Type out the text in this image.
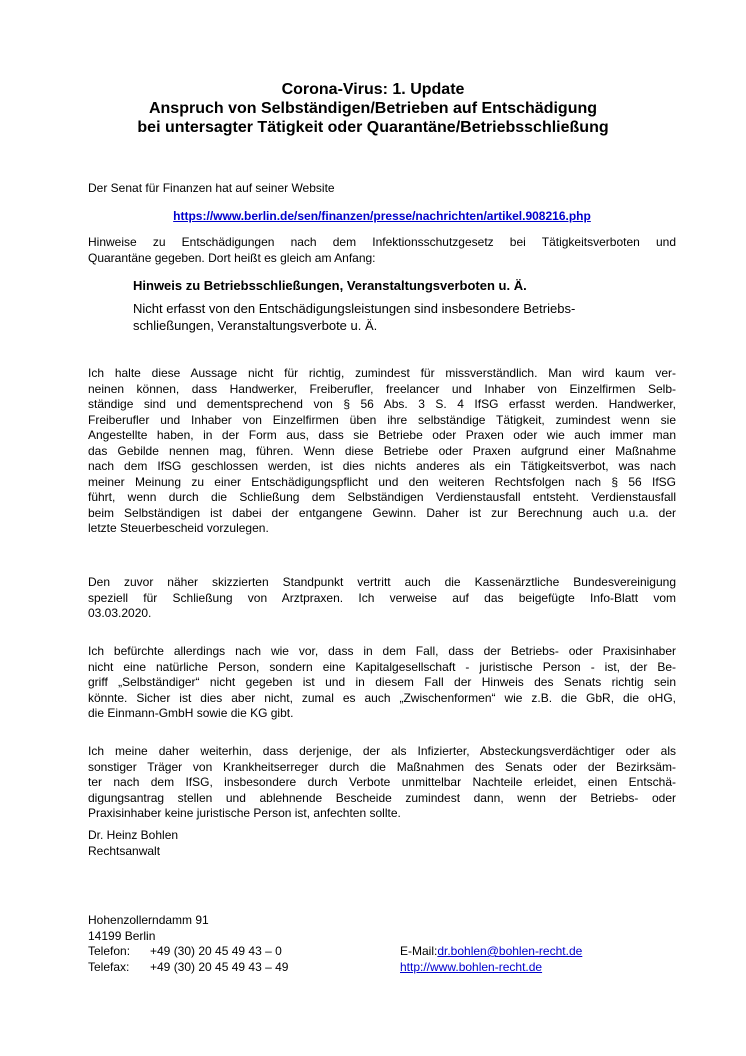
Corona-Virus: 1. Update
Anspruch von Selbständigen/Betrieben auf Entschädigung
bei untersagter Tätigkeit oder Quarantäne/Betriebsschließung
Der Senat für Finanzen hat auf seiner Website
https://www.berlin.de/sen/finanzen/presse/nachrichten/artikel.908216.php
Hinweise zu Entschädigungen nach dem Infektionsschutzgesetz bei Tätigkeitsverboten und
Quarantäne gegeben. Dort heißt es gleich am Anfang:
Hinweis zu Betriebsschließungen, Veranstaltungsverboten u. Ä.
Nicht erfasst von den Entschädigungsleistungen sind insbesondere Betriebs-
schließungen, Veranstaltungsverbote u. Ä.
Ich halte diese Aussage nicht für richtig, zumindest für missverständlich. Man wird kaum ver-
neinen können, dass Handwerker, Freiberufler, freelancer und Inhaber von Einzelfirmen Selb-
ständige sind und dementsprechend von § 56 Abs. 3 S. 4 IfSG erfasst werden. Handwerker,
Freiberufler und Inhaber von Einzelfirmen üben ihre selbständige Tätigkeit, zumindest wenn sie
Angestellte haben, in der Form aus, dass sie Betriebe oder Praxen oder wie auch immer man
das Gebilde nennen mag, führen. Wenn diese Betriebe oder Praxen aufgrund einer Maßnahme
nach dem IfSG geschlossen werden, ist dies nichts anderes als ein Tätigkeitsverbot, was nach
meiner Meinung zu einer Entschädigungspflicht und den weiteren Rechtsfolgen nach § 56 IfSG
führt, wenn durch die Schließung dem Selbständigen Verdienstausfall entsteht. Verdienstausfall
beim Selbständigen ist dabei der entgangene Gewinn. Daher ist zur Berechnung auch u.a. der
letzte Steuerbescheid vorzulegen.
Den zuvor näher skizzierten Standpunkt vertritt auch die Kassenärztliche Bundesvereinigung
speziell für Schließung von Arztpraxen. Ich verweise auf das beigefügte Info-Blatt vom
03.03.2020.
Ich befürchte allerdings nach wie vor, dass in dem Fall, dass der Betriebs- oder Praxisinhaber
nicht eine natürliche Person, sondern eine Kapitalgesellschaft - juristische Person - ist, der Be-
griff „Selbständiger“ nicht gegeben ist und in diesem Fall der Hinweis des Senats richtig sein
könnte. Sicher ist dies aber nicht, zumal es auch „Zwischenformen“ wie z.B. die GbR, die oHG,
die Einmann-GmbH sowie die KG gibt.
Ich meine daher weiterhin, dass derjenige, der als Infizierter, Absteckungsverdächtiger oder als
sonstiger Träger von Krankheitserreger durch die Maßnahmen des Senats oder der Bezirksäm-
ter nach dem IfSG, insbesondere durch Verbote unmittelbar Nachteile erleidet, einen Entschä-
digungsantrag stellen und ablehnende Bescheide zumindest dann, wenn der Betriebs- oder
Praxisinhaber keine juristische Person ist, anfechten sollte.
Dr. Heinz Bohlen
Rechtsanwalt
Hohenzollerndamm 91
14199 Berlin
Telefon: +49 (30) 20 45 49 43 – 0
Telefax: +49 (30) 20 45 49 43 – 49
E-Mail:dr.bohlen@bohlen-recht.de
http://www.bohlen-recht.de
